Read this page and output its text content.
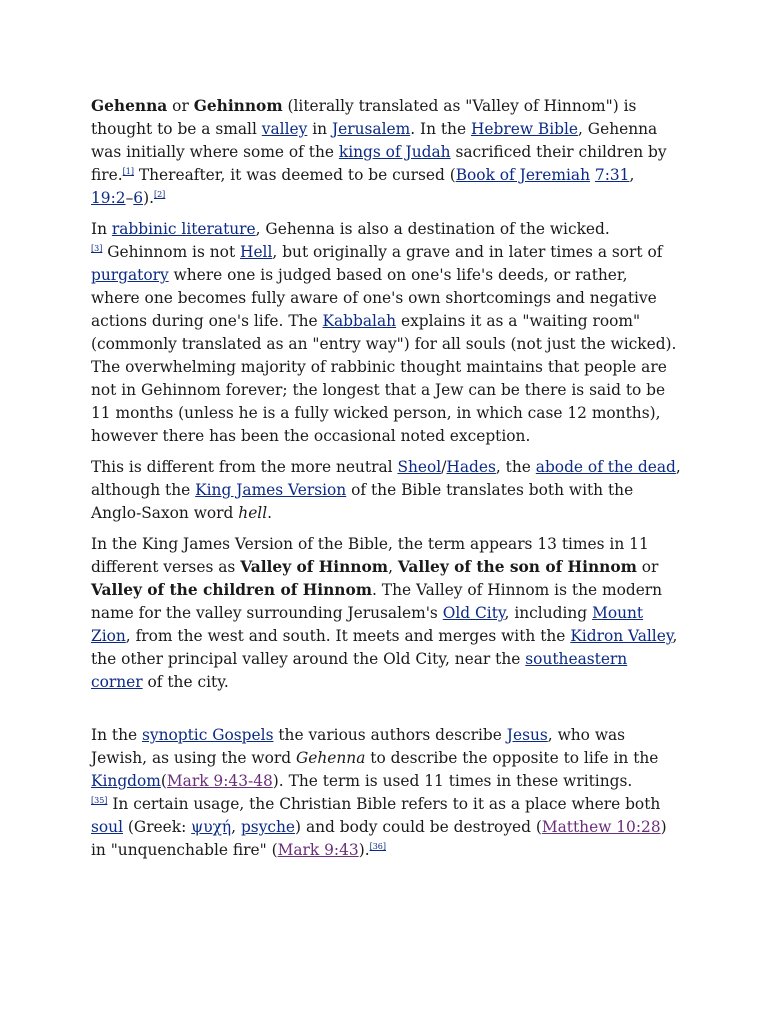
Gehenna or Gehinnom (literally translated as "Valley of Hinnom") is thought to be a small valley in Jerusalem. In the Hebrew Bible, Gehenna was initially where some of the kings of Judah sacrificed their children by fire.[1] Thereafter, it was deemed to be cursed (Book of Jeremiah 7:31, 19:2–6).[2]

In rabbinic literature, Gehenna is also a destination of the wicked.
[3] Gehinnom is not Hell, but originally a grave and in later times a sort of purgatory where one is judged based on one's life's deeds, or rather, where one becomes fully aware of one's own shortcomings and negative actions during one's life. The Kabbalah explains it as a "waiting room" (commonly translated as an "entry way") for all souls (not just the wicked). The overwhelming majority of rabbinic thought maintains that people are not in Gehinnom forever; the longest that a Jew can be there is said to be 11 months (unless he is a fully wicked person, in which case 12 months), however there has been the occasional noted exception.

This is different from the more neutral Sheol/Hades, the abode of the dead, although the King James Version of the Bible translates both with the Anglo-Saxon word hell.

In the King James Version of the Bible, the term appears 13 times in 11 different verses as Valley of Hinnom, Valley of the son of Hinnom or Valley of the children of Hinnom. The Valley of Hinnom is the modern name for the valley surrounding Jerusalem's Old City, including Mount Zion, from the west and south. It meets and merges with the Kidron Valley, the other principal valley around the Old City, near the southeastern corner of the city.

In the synoptic Gospels the various authors describe Jesus, who was Jewish, as using the word Gehenna to describe the opposite to life in the Kingdom(Mark 9:43-48). The term is used 11 times in these writings.
[35] In certain usage, the Christian Bible refers to it as a place where both soul (Greek: ψυχή, psyche) and body could be destroyed (Matthew 10:28) in "unquenchable fire" (Mark 9:43).[36]
